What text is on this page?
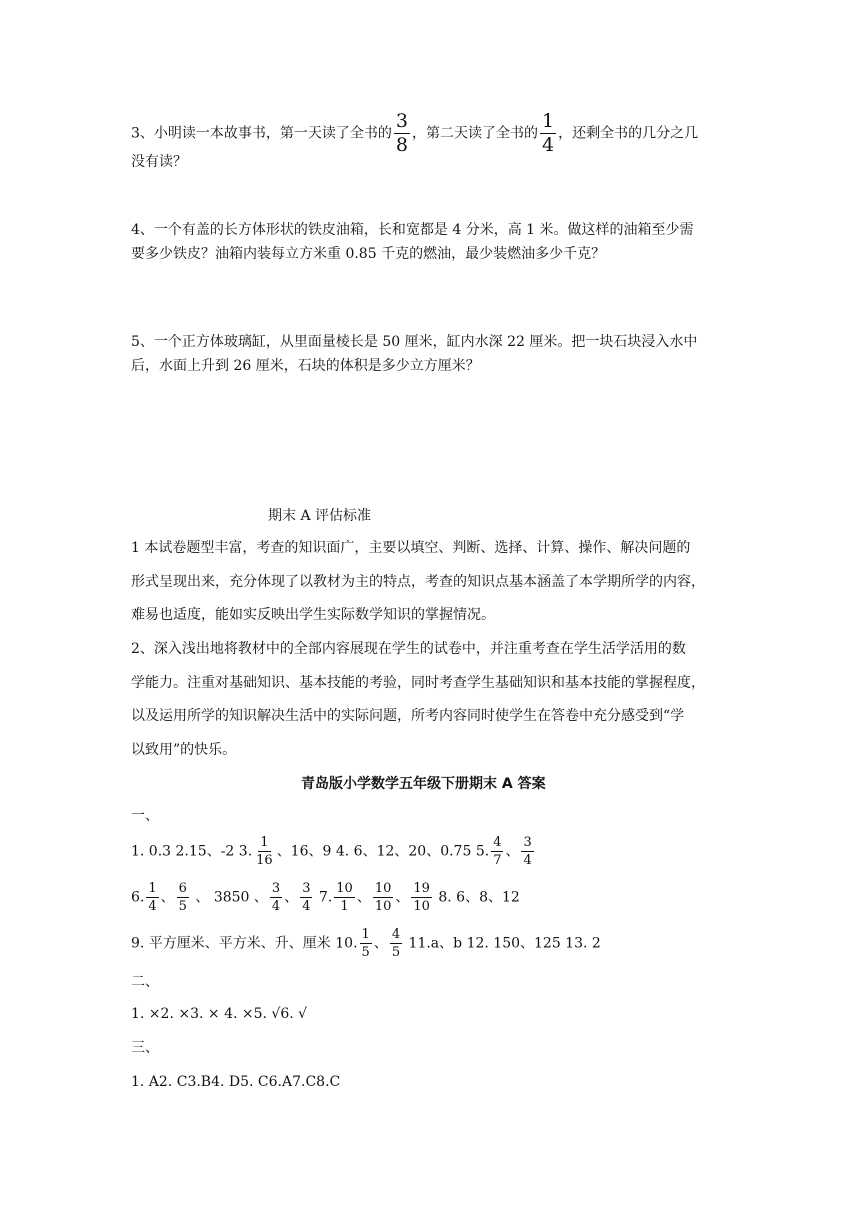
3、小明读一本故事书，第一天读了全书的 $\frac{3}{8}$ ，第二天读了全书的 $\frac{1}{4}$ ，还剩全书的几分之几
没有读？
4、一个有盖的长方体形状的铁皮油箱，长和宽都是 4 分米，高 1 米。做这样的油箱至少需
要多少铁皮？油箱内装每立方米重 0.85 千克的燃油，最少装燃油多少千克？
5、一个正方体玻璃缸，从里面量棱长是 50 厘米，缸内水深 22 厘米。把一块石块浸入水中
后，水面上升到 26 厘米，石块的体积是多少立方厘米？
期末 A 评估标准
1 本试卷题型丰富，考查的知识面广，主要以填空、判断、选择、计算、操作、解决问题的
形式呈现出来，充分体现了以教材为主的特点，考查的知识点基本涵盖了本学期所学的内容，
难易也适度，能如实反映出学生实际数学知识的掌握情况。
2、深入浅出地将教材中的全部内容展现在学生的试卷中，并注重考查在学生活学活用的数
学能力。注重对基础知识、基本技能的考验，同时考查学生基础知识和基本技能的掌握程度，
以及运用所学的知识解决生活中的实际问题，所考内容同时使学生在答卷中充分感受到“学
以致用”的快乐。
青岛版小学数学五年级下册期末 A 答案
一、
1. 0.3 2.15、-2 3. $\frac{1}{16}$ 、16、9 4. 6、12、20、0.75 5. $\frac{4}{7}$ 、 $\frac{3}{4}$
6. $\frac{1}{4}$ 、 $\frac{6}{5}$ 、 3850 、 $\frac{3}{4}$ 、 $\frac{3}{4} 7$. $\frac{10}{1}$ 、 $\frac{10}{10}$ 、 $\frac{19}{10} 8$. 6、8、12
9. 平方厘米、平方米、升、厘米 10. $\frac{1}{5}$ 、 $\frac{4}{5} 11.a$、b 12. 150、125 13. 2
二、
1. ×2. ×3. × 4. ×5. √6. √
三、
1. A2. C3.B4. D5. C6.A7.C8.C
